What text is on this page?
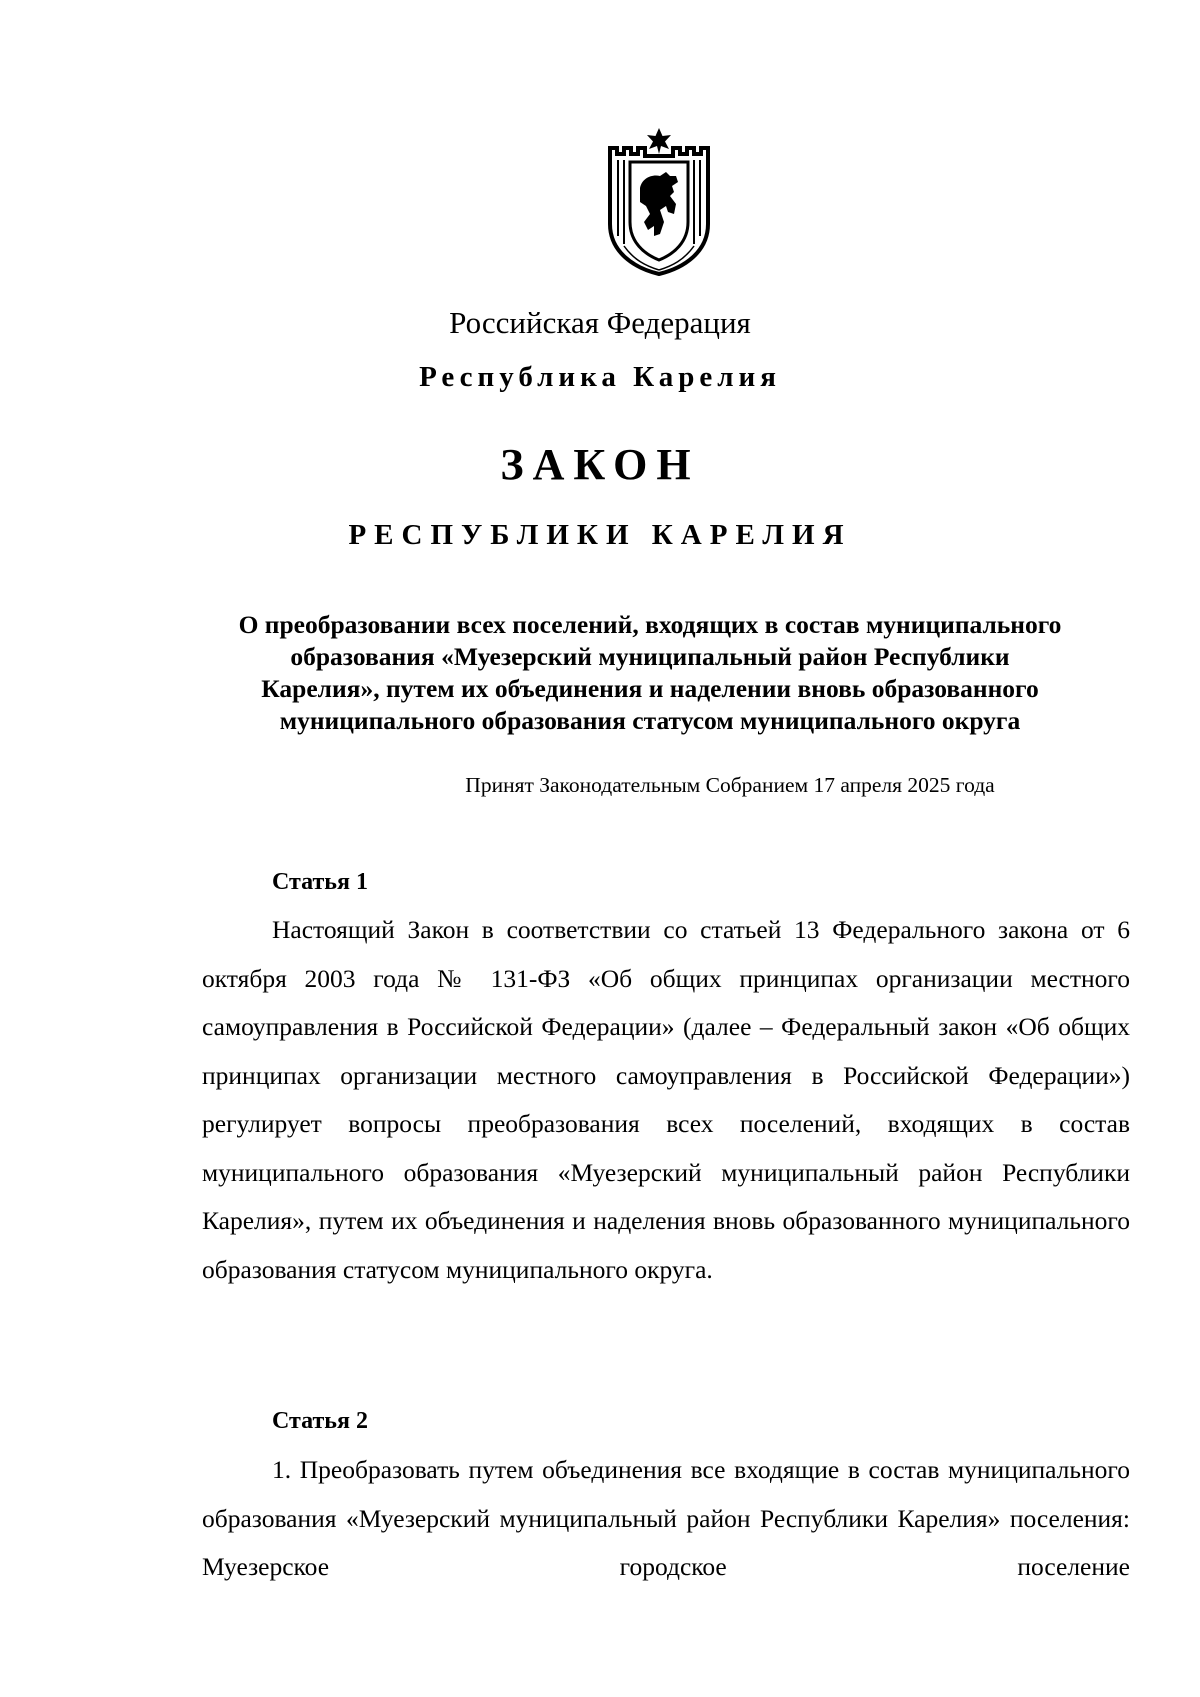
Российская Федерация
Республика Карелия
ЗАКОН
РЕСПУБЛИКИ КАРЕЛИЯ
О преобразовании всех поселений, входящих в состав муниципального
образования «Муезерский муниципальный район Республики
Карелия», путем их объединения и наделении вновь образованного
муниципального образования статусом муниципального округа
Принят Законодательным Собранием 17 апреля 2025 года
Статья 1
Настоящий Закон в соответствии со статьей 13 Федерального закона от 6 октября 2003 года № 131-ФЗ «Об общих принципах организации местного самоуправления в Российской Федерации» (далее – Федеральный закон «Об общих принципах организации местного самоуправления в Российской Федерации») регулирует вопросы преобразования всех поселений, входящих в состав муниципального образования «Муезерский муниципальный район Республики Карелия», путем их объединения и наделения вновь образованного муниципального образования статусом муниципального округа.
Статья 2
1. Преобразовать путем объединения все входящие в состав муниципального образования «Муезерский муниципальный район Республики Карелия» поселения: Муезерское городское поселение
